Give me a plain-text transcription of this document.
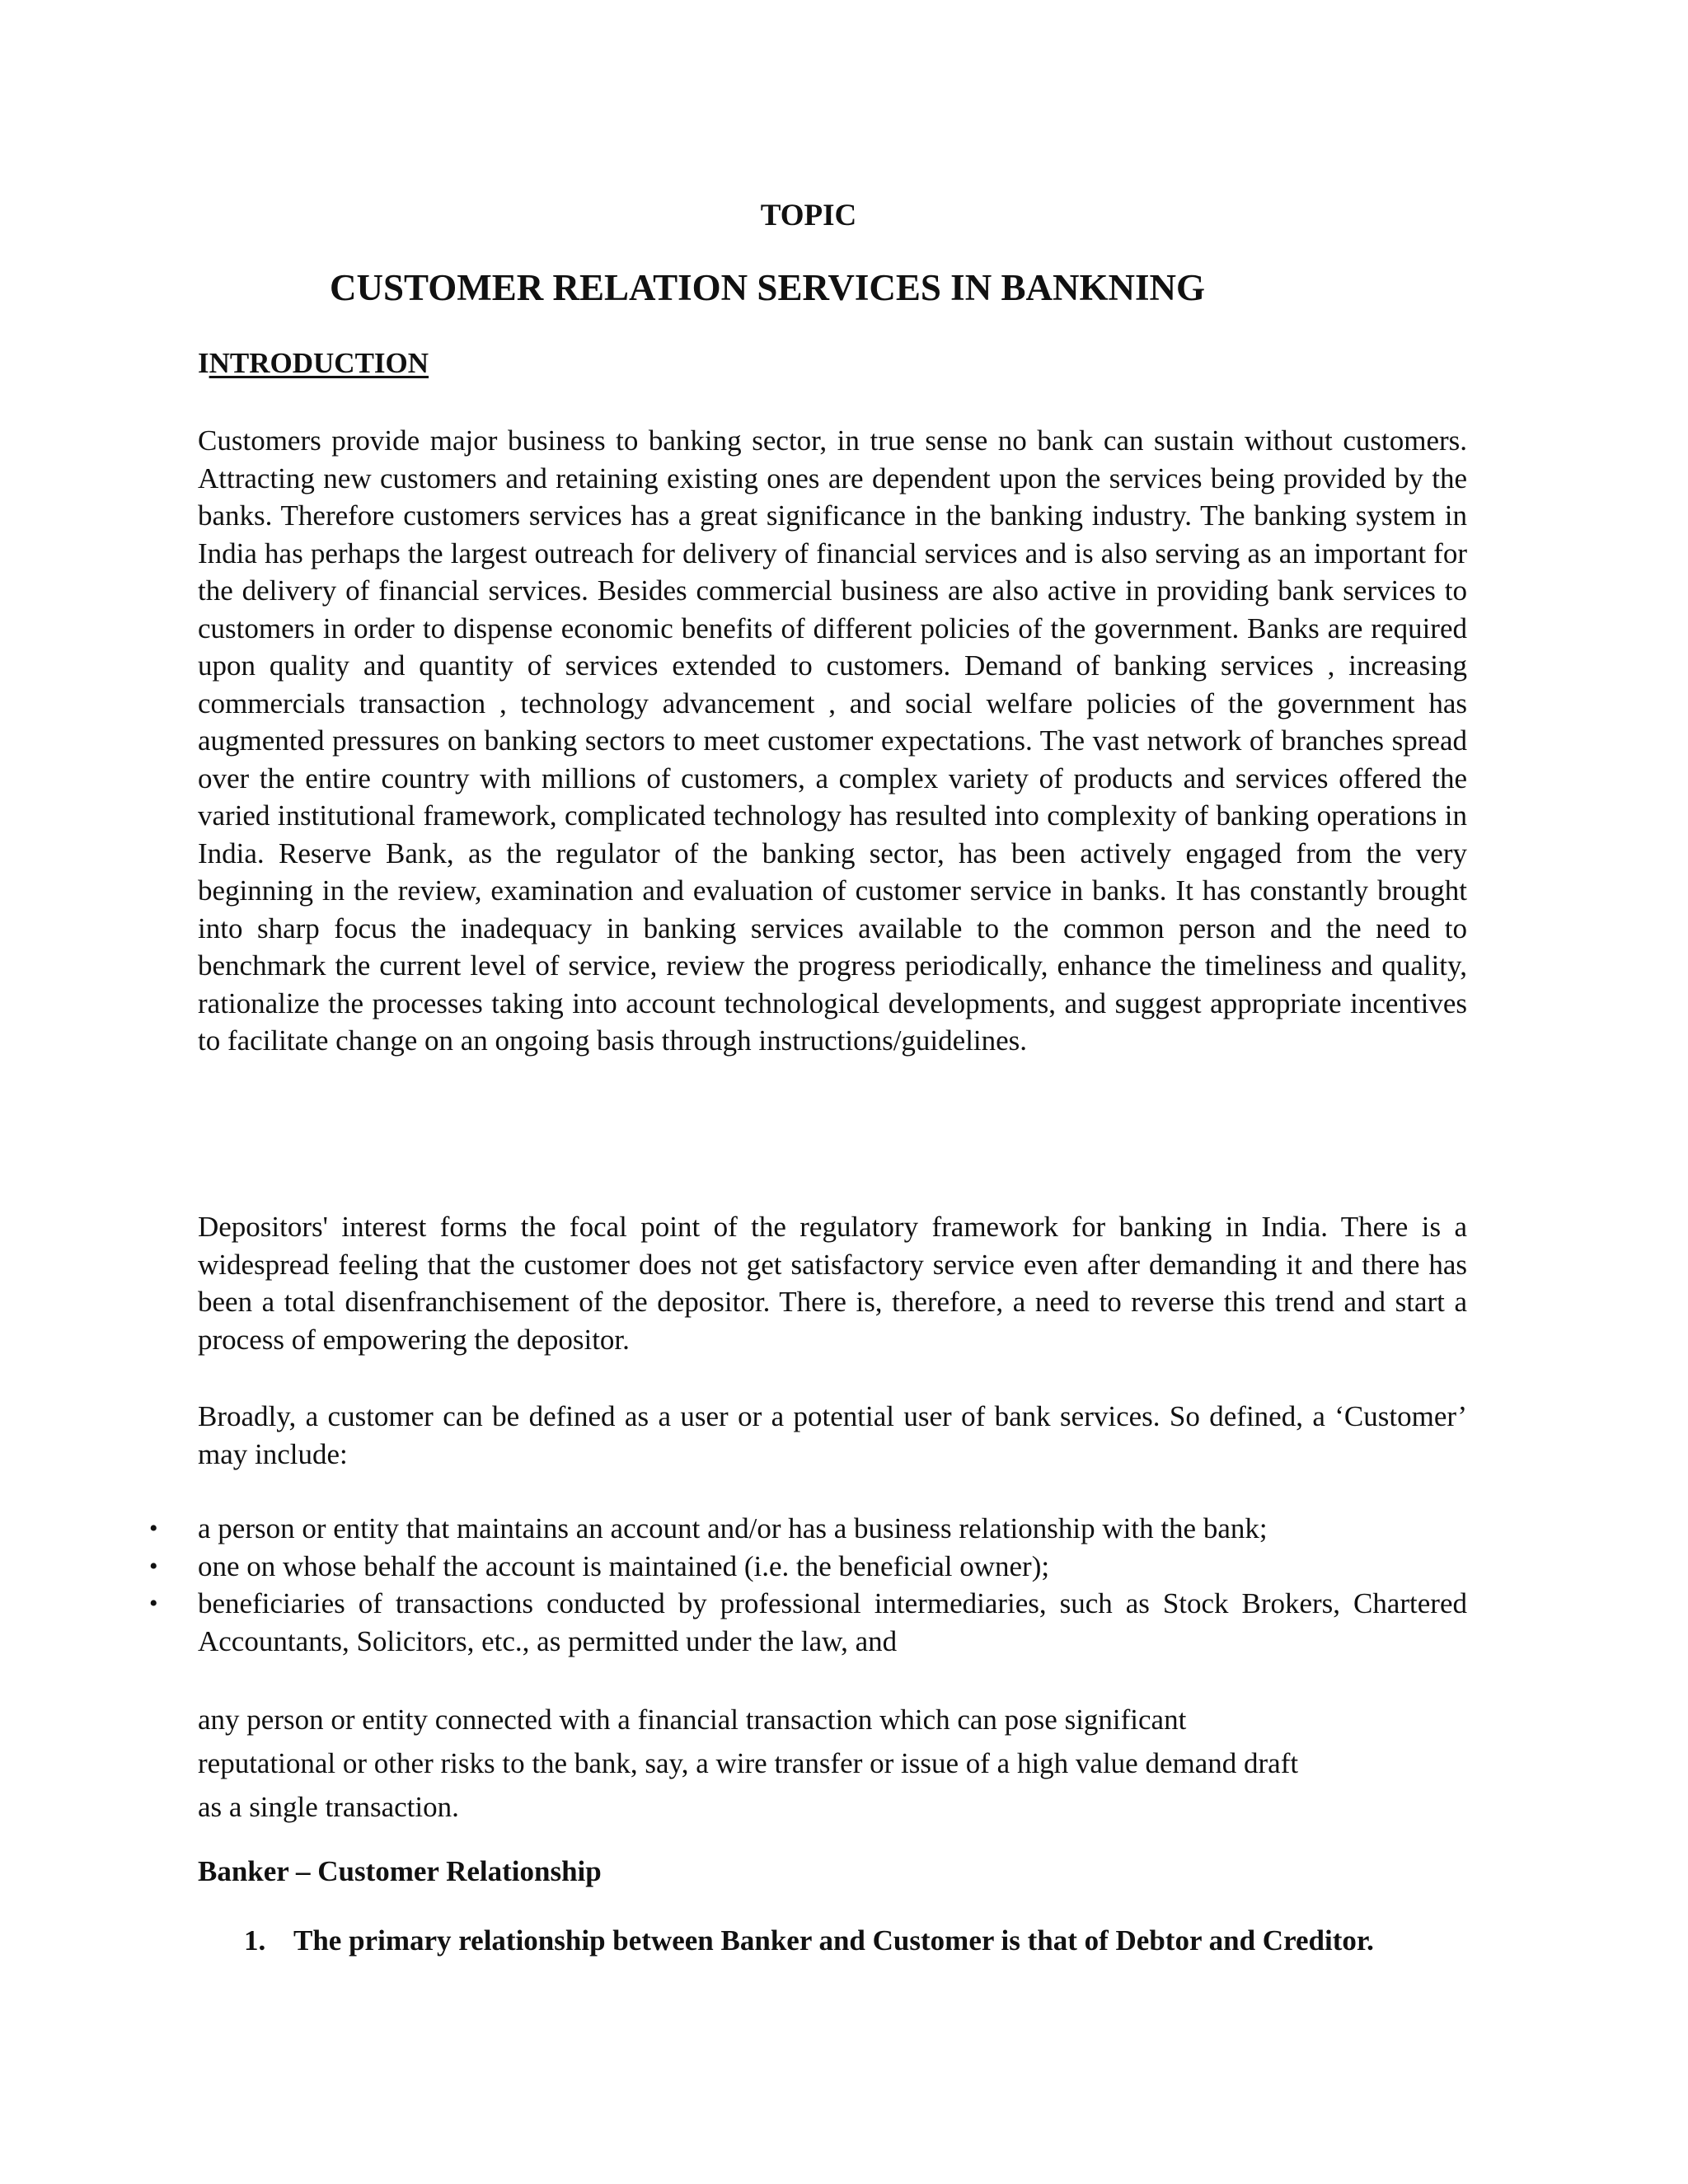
TOPIC
CUSTOMER RELATION SERVICES IN BANKNING
INTRODUCTION

Customers provide major business to banking sector, in true sense no bank can sustain without customers. Attracting new customers and retaining existing ones are dependent upon the services being provided by the banks. Therefore customers services has a great significance in the banking industry. The banking system in India has perhaps the largest outreach for delivery of financial services and is also serving as an important for the delivery of financial services. Besides commercial business are also active in providing bank services to customers in order to dispense economic benefits of different policies of the government. Banks are required upon quality and quantity of services extended to customers. Demand of banking services , increasing commercials transaction , technology advancement , and social welfare policies of the government has augmented pressures on banking sectors to meet customer expectations. The vast network of branches spread over the entire country with millions of customers, a complex variety of products and services offered the varied institutional framework, complicated technology has resulted into complexity of banking operations in India. Reserve Bank, as the regulator of the banking sector, has been actively engaged from the very beginning in the review, examination and evaluation of customer service in banks. It has constantly brought into sharp focus the inadequacy in banking services available to the common person and the need to benchmark the current level of service, review the progress periodically, enhance the timeliness and quality, rationalize the processes taking into account technological developments, and suggest appropriate incentives to facilitate change on an ongoing basis through instructions/guidelines.

Depositors' interest forms the focal point of the regulatory framework for banking in India. There is a widespread feeling that the customer does not get satisfactory service even after demanding it and there has been a total disenfranchisement of the depositor. There is, therefore, a need to reverse this trend and start a process of empowering the depositor.

Broadly, a customer can be defined as a user or a potential user of bank services. So defined, a ‘Customer’ may include:

• a person or entity that maintains an account and/or has a business relationship with the bank;
• one on whose behalf the account is maintained (i.e. the beneficial owner);
• beneficiaries of transactions conducted by professional intermediaries, such as Stock Brokers, Chartered Accountants, Solicitors, etc., as permitted under the law, and
any person or entity connected with a financial transaction which can pose significant
reputational or other risks to the bank, say, a wire transfer or issue of a high value demand draft
as a single transaction.
Banker – Customer Relationship
1. The primary relationship between Banker and Customer is that of Debtor and Creditor.
